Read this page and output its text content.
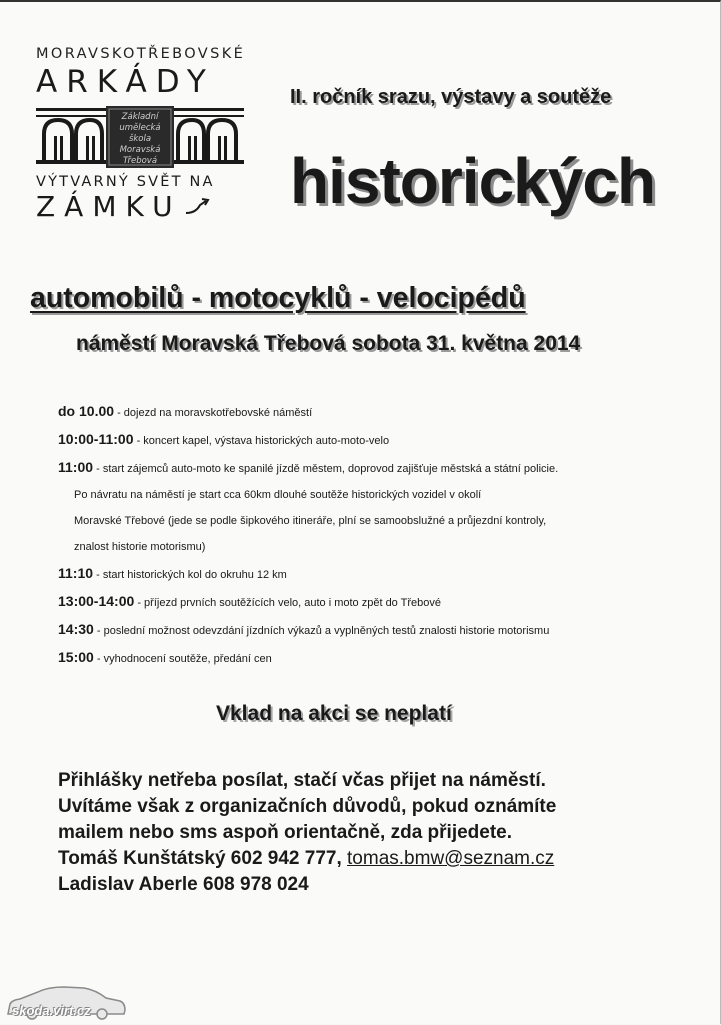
MORAVSKOTŘEBOVSKÉ
ARKÁDY
Základní
umělecká
škola
Moravská
Třebová
VÝTVARNÝ SVĚT NA
ZÁMKU
II. ročník srazu, výstavy a soutěže
historických
automobilů - motocyklů - velocipédů
náměstí Moravská Třebová sobota 31. května 2014
do 10.00 - dojezd na moravskotřebovské náměstí
10:00-11:00 - koncert kapel, výstava historických auto-moto-velo
11:00 - start zájemců auto-moto ke spanilé jízdě městem, doprovod zajišťuje městská a státní policie.
Po návratu na náměstí je start cca 60km dlouhé soutěže historických vozidel v okolí
Moravské Třebové (jede se podle šipkového itineráře, plní se samoobslužné a průjezdní kontroly,
znalost historie motorismu)
11:10 - start historických kol do okruhu 12 km
13:00-14:00 - příjezd prvních soutěžících velo, auto i moto zpět do Třebové
14:30 - poslední možnost odevzdání jízdních výkazů a vyplněných testů znalosti historie motorismu
15:00 - vyhodnocení soutěže, předání cen
Vklad na akci se neplatí
Přihlášky netřeba posílat, stačí včas přijet na náměstí.
Uvítáme však z organizačních důvodů, pokud oznámíte
mailem nebo sms aspoň orientačně, zda přijedete.
Tomáš Kunštátský 602 942 777, tomas.bmw@seznam.cz
Ladislav Aberle 608 978 024
skoda.virt.cz
